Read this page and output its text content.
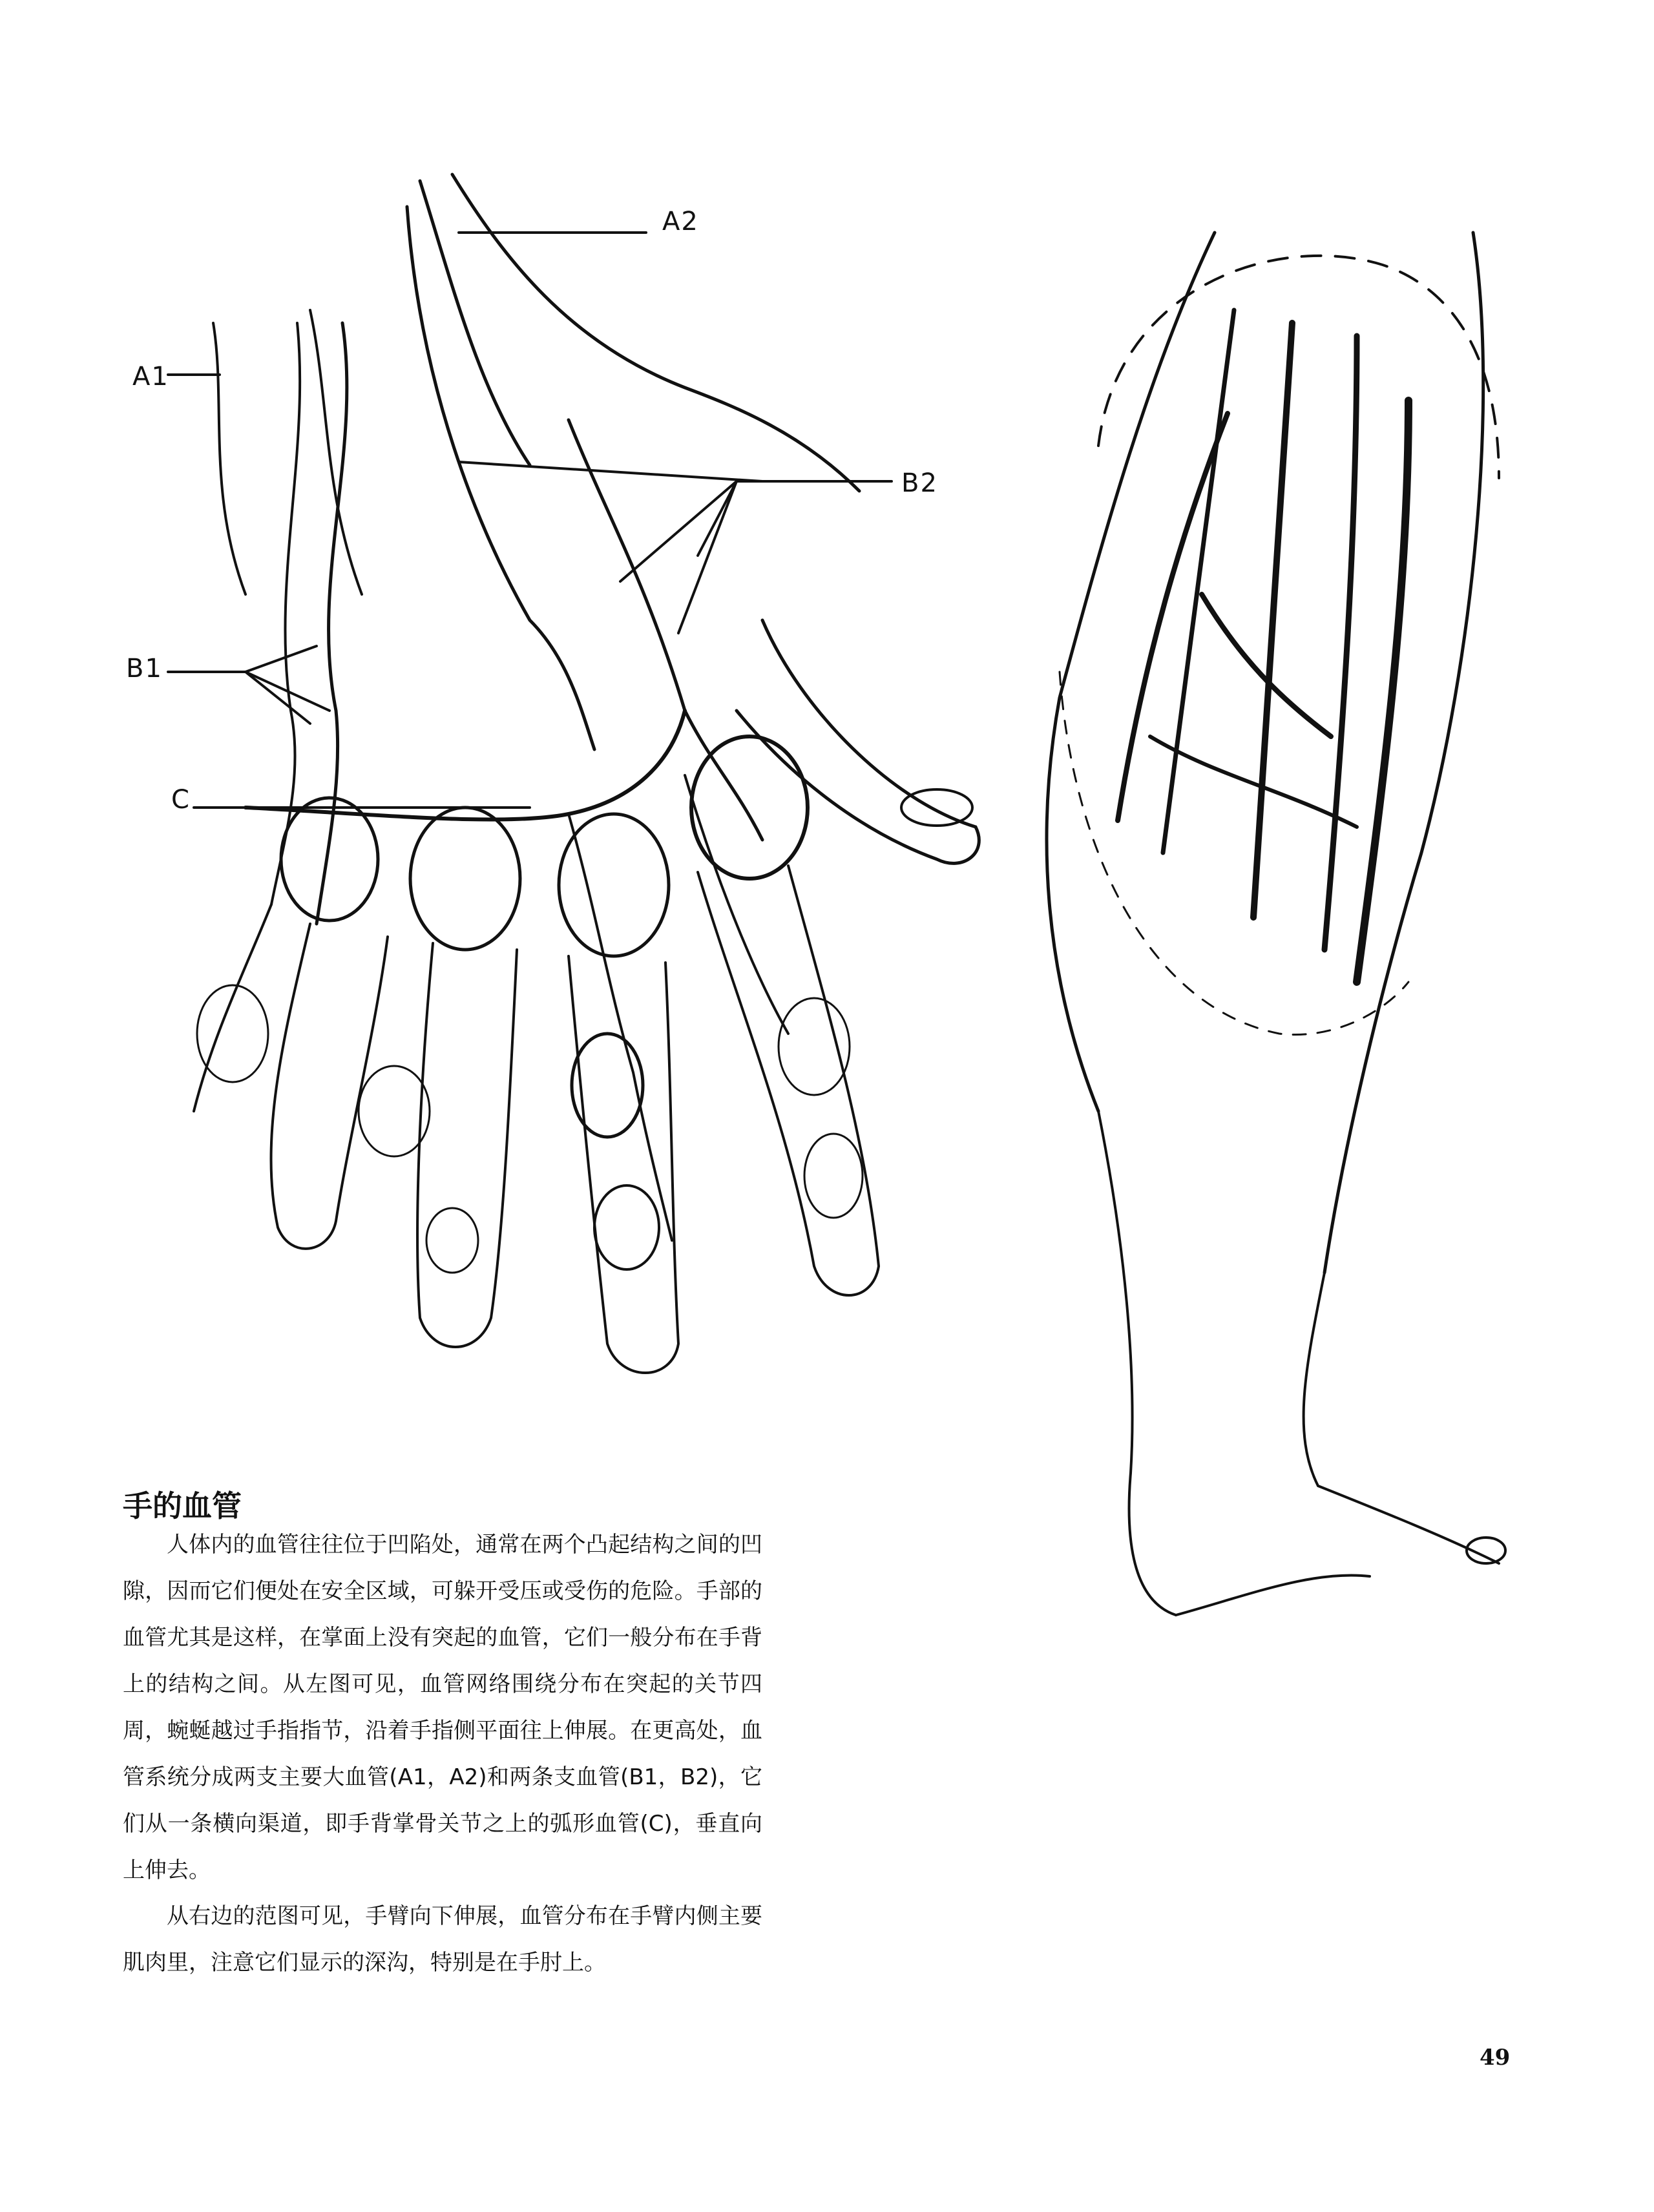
A1
A2
B2
B1
C
手的血管

人体内的血管往往位于凹陷处，通常在两个凸起结构之间的凹隙，因而它们便处在安全区域，可躲开受压或受伤的危险。手部的血管尤其是这样，在掌面上没有突起的血管，它们一般分布在手背上的结构之间。从左图可见，血管网络围绕分布在突起的关节四周，蜿蜒越过手指指节，沿着手指侧平面往上伸展。在更高处，血管系统分成两支主要大血管(A1，A2)和两条支血管(B1，B2)，它们从一条横向渠道，即手背掌骨关节之上的弧形血管(C)，垂直向上伸去。

从右边的范图可见，手臂向下伸展，血管分布在手臂内侧主要肌肉里，注意它们显示的深沟，特别是在手肘上。

49
